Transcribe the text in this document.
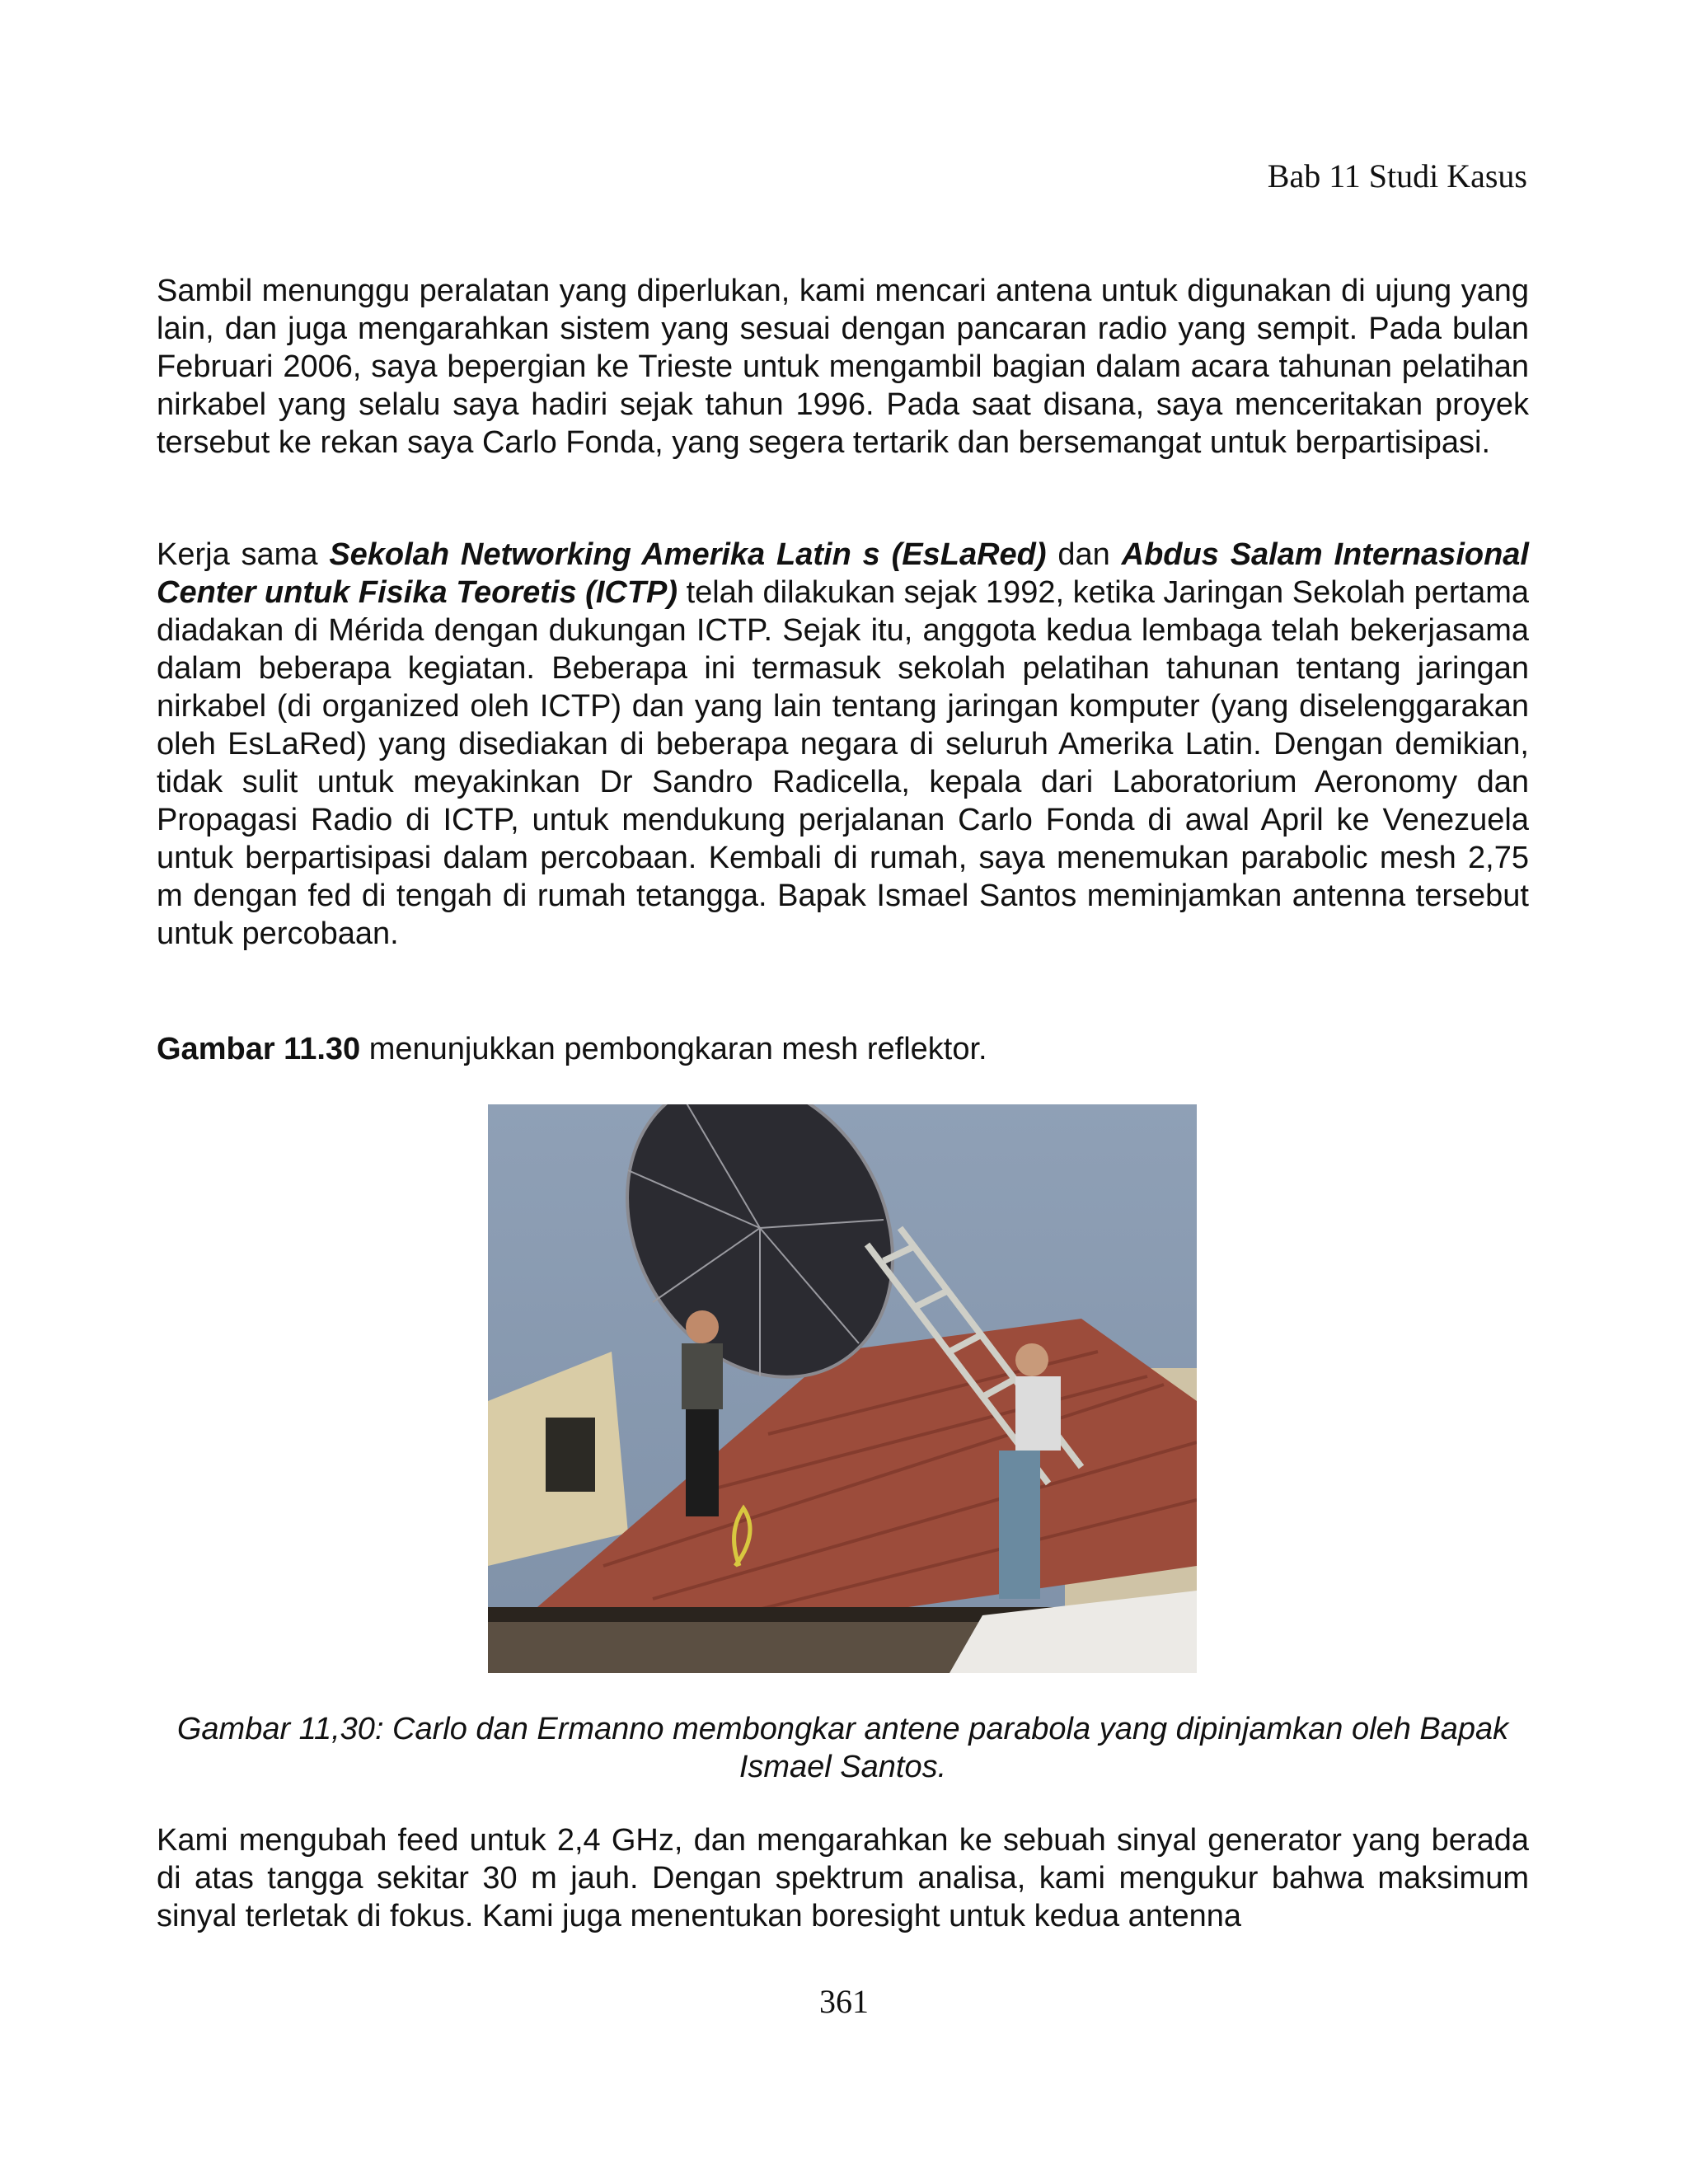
Bab 11 Studi Kasus

Sambil menunggu peralatan yang diperlukan, kami mencari antena untuk digunakan di ujung yang lain, dan juga mengarahkan sistem yang sesuai dengan pancaran radio yang sempit. Pada bulan Februari 2006, saya bepergian ke Trieste untuk mengambil bagian dalam acara tahunan pelatihan nirkabel yang selalu saya hadiri sejak tahun 1996. Pada saat disana, saya menceritakan proyek tersebut ke rekan saya Carlo Fonda, yang segera tertarik dan bersemangat untuk berpartisipasi.

Kerja sama Sekolah Networking Amerika Latin s (EsLaRed) dan Abdus Salam Internasional Center untuk Fisika Teoretis (ICTP) telah dilakukan sejak 1992, ketika Jaringan Sekolah pertama diadakan di Mérida dengan dukungan ICTP. Sejak itu, anggota kedua lembaga telah bekerjasama dalam beberapa kegiatan. Beberapa ini termasuk sekolah pelatihan tahunan tentang jaringan nirkabel (di organized oleh ICTP) dan yang lain tentang jaringan komputer (yang diselenggarakan oleh EsLaRed) yang disediakan di beberapa negara di seluruh Amerika Latin. Dengan demikian, tidak sulit untuk meyakinkan Dr Sandro Radicella, kepala dari Laboratorium Aeronomy dan Propagasi Radio di ICTP, untuk mendukung perjalanan Carlo Fonda di awal April ke Venezuela untuk berpartisipasi dalam percobaan. Kembali di rumah, saya menemukan parabolic mesh 2,75 m dengan fed di tengah di rumah tetangga. Bapak Ismael Santos meminjamkan antenna tersebut untuk percobaan.

Gambar 11.30 menunjukkan pembongkaran mesh reflektor.

Gambar 11,30: Carlo dan Ermanno membongkar antene parabola yang dipinjamkan oleh Bapak Ismael Santos.

Kami mengubah feed untuk 2,4 GHz, dan mengarahkan ke sebuah sinyal generator yang berada di atas tangga sekitar 30 m jauh. Dengan spektrum analisa, kami mengukur bahwa maksimum sinyal terletak di fokus. Kami juga menentukan boresight untuk kedua antenna

361
